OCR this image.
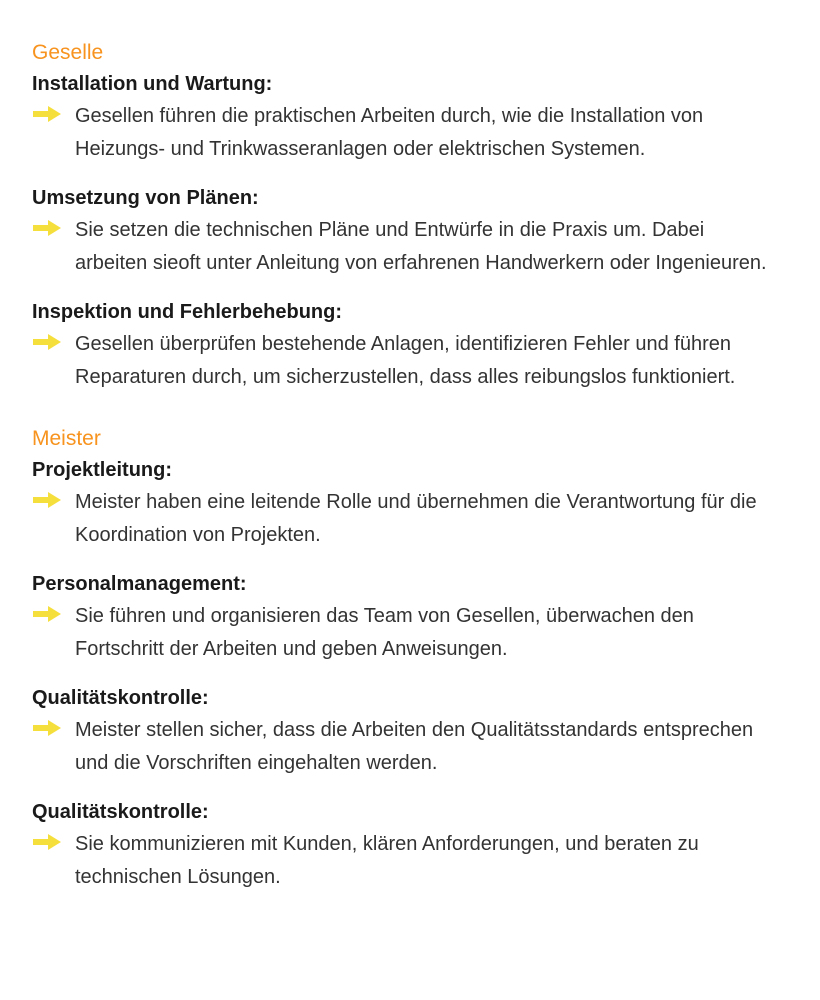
Geselle
Installation und Wartung:

Gesellen führen die praktischen Arbeiten durch, wie die Installation von Heizungs- und Trinkwasseranlagen oder elektrischen Systemen.

Umsetzung von Plänen:

Sie setzen die technischen Pläne und Entwürfe in die Praxis um. Dabei arbeiten sieoft unter Anleitung von erfahrenen Handwerkern oder Ingenieuren.

Inspektion und Fehlerbehebung:

Gesellen überprüfen bestehende Anlagen, identifizieren Fehler und führen Reparaturen durch, um sicherzustellen, dass alles reibungslos funktioniert.

Meister
Projektleitung:

Meister haben eine leitende Rolle und übernehmen die Verantwortung für die Koordination von Projekten.

Personalmanagement:

Sie führen und organisieren das Team von Gesellen, überwachen den Fortschritt der Arbeiten und geben Anweisungen.

Qualitätskontrolle:

Meister stellen sicher, dass die Arbeiten den Qualitätsstandards entsprechen und die Vorschriften eingehalten werden.

Qualitätskontrolle:

Sie kommunizieren mit Kunden, klären Anforderungen, und beraten zu technischen Lösungen.
